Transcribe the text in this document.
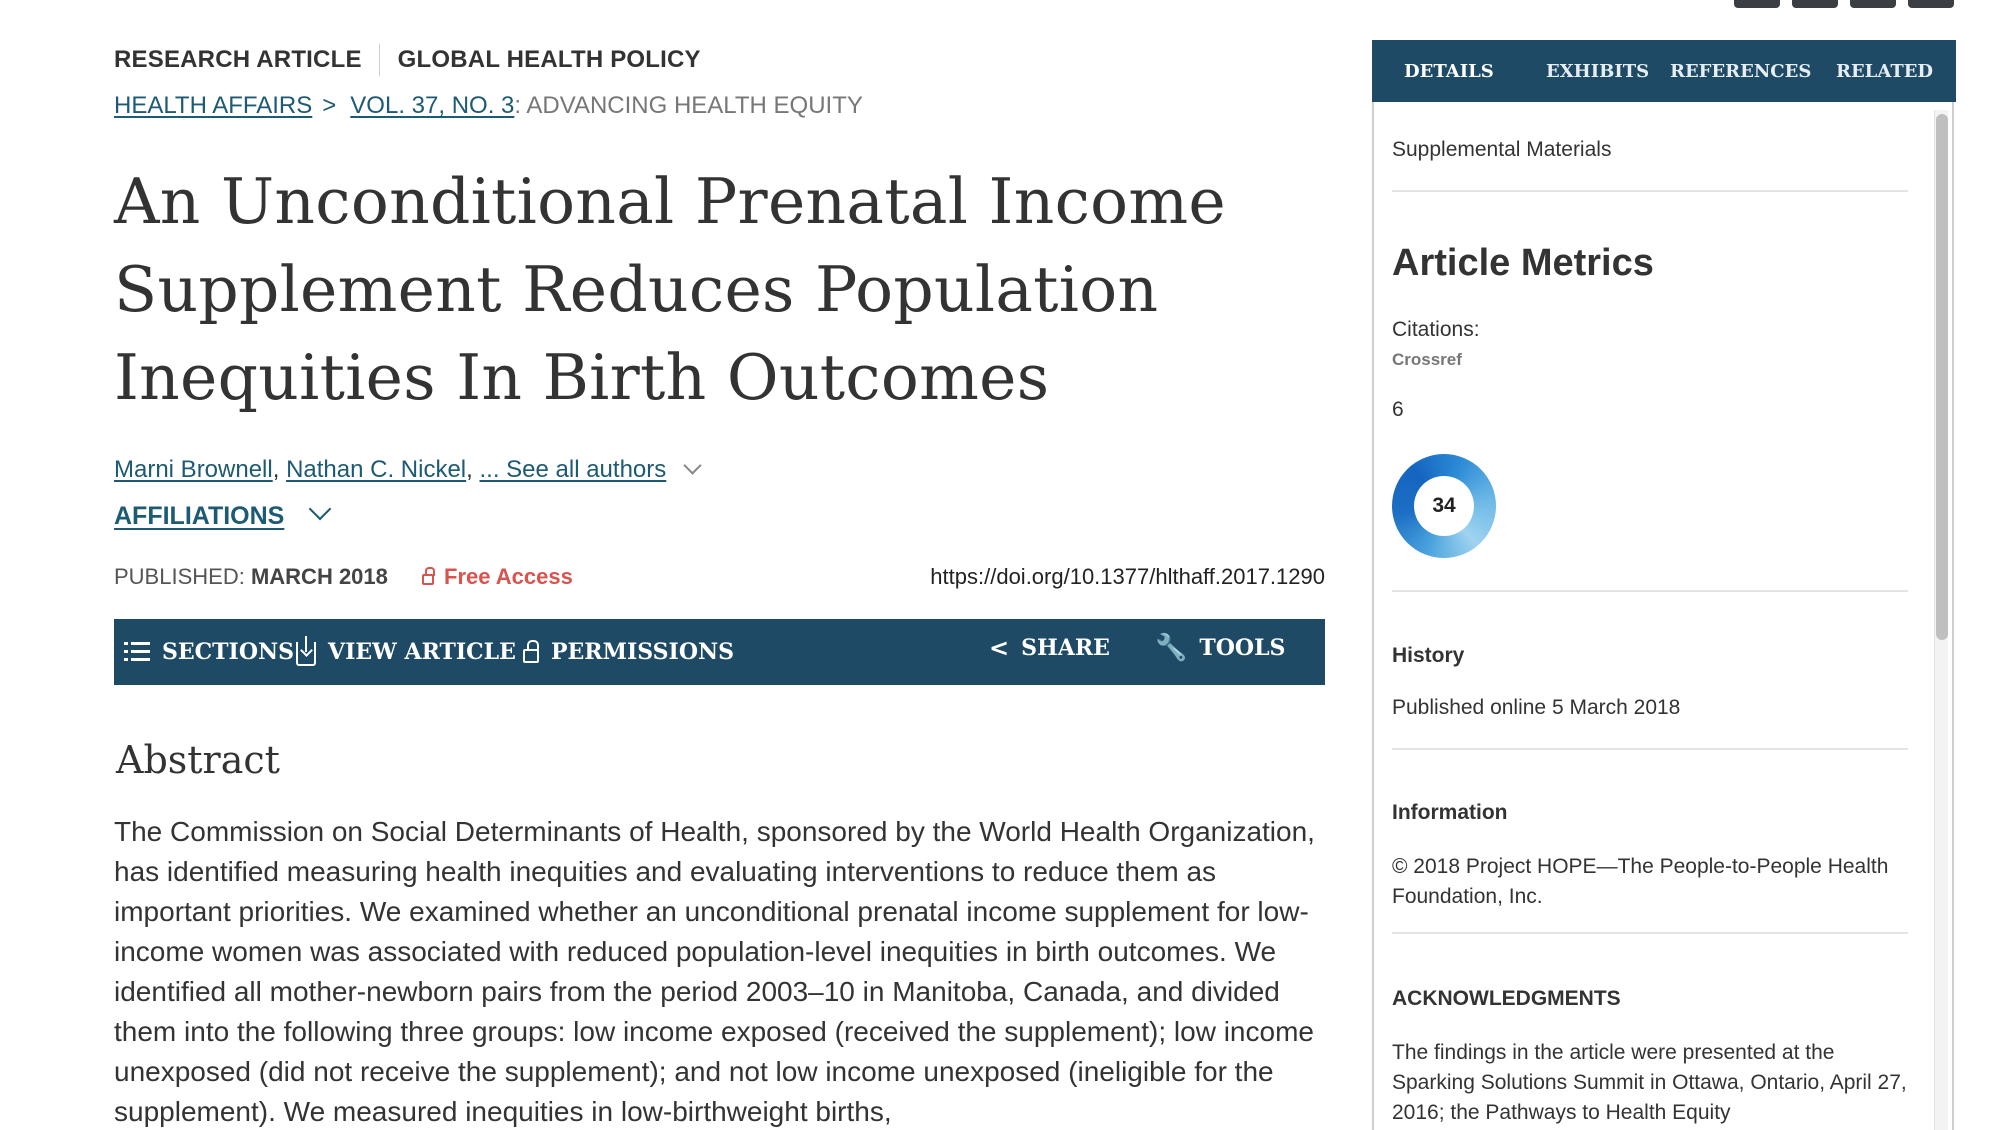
RESEARCH ARTICLE GLOBAL HEALTH POLICY
HEALTH AFFAIRS > VOL. 37, NO. 3: ADVANCING HEALTH EQUITY
An Unconditional Prenatal Income Supplement Reduces Population Inequities In Birth Outcomes
Marni Brownell, Nathan C. Nickel, ... See all authors
AFFILIATIONS
PUBLISHED: MARCH 2018	Free Access	https://doi.org/10.1377/hlthaff.2017.1290
SECTIONS VIEW ARTICLE PERMISSIONS	< SHARE 🔧 TOOLS
Abstract

The Commission on Social Determinants of Health, sponsored by the World Health Organization, has identified measuring health inequities and evaluating interventions to reduce them as important priorities. We examined whether an unconditional prenatal income supplement for low-income women was associated with reduced population-level inequities in birth outcomes. We identified all mother-newborn pairs from the period 2003–10 in Manitoba, Canada, and divided them into the following three groups: low income exposed (received the supplement); low income unexposed (did not receive the supplement); and not low income unexposed (ineligible for the supplement). We measured inequities in low-birthweight births,

DETAILS	EXHIBITS REFERENCES RELATED
Supplemental Materials
Article Metrics
Citations:
Crossref
6
34
History
Published online 5 March 2018
Information
© 2018 Project HOPE—The People-to-People Health Foundation, Inc.
ACKNOWLEDGMENTS
The findings in the article were presented at the Sparking Solutions Summit in Ottawa, Ontario, April 27, 2016; the Pathways to Health Equity
